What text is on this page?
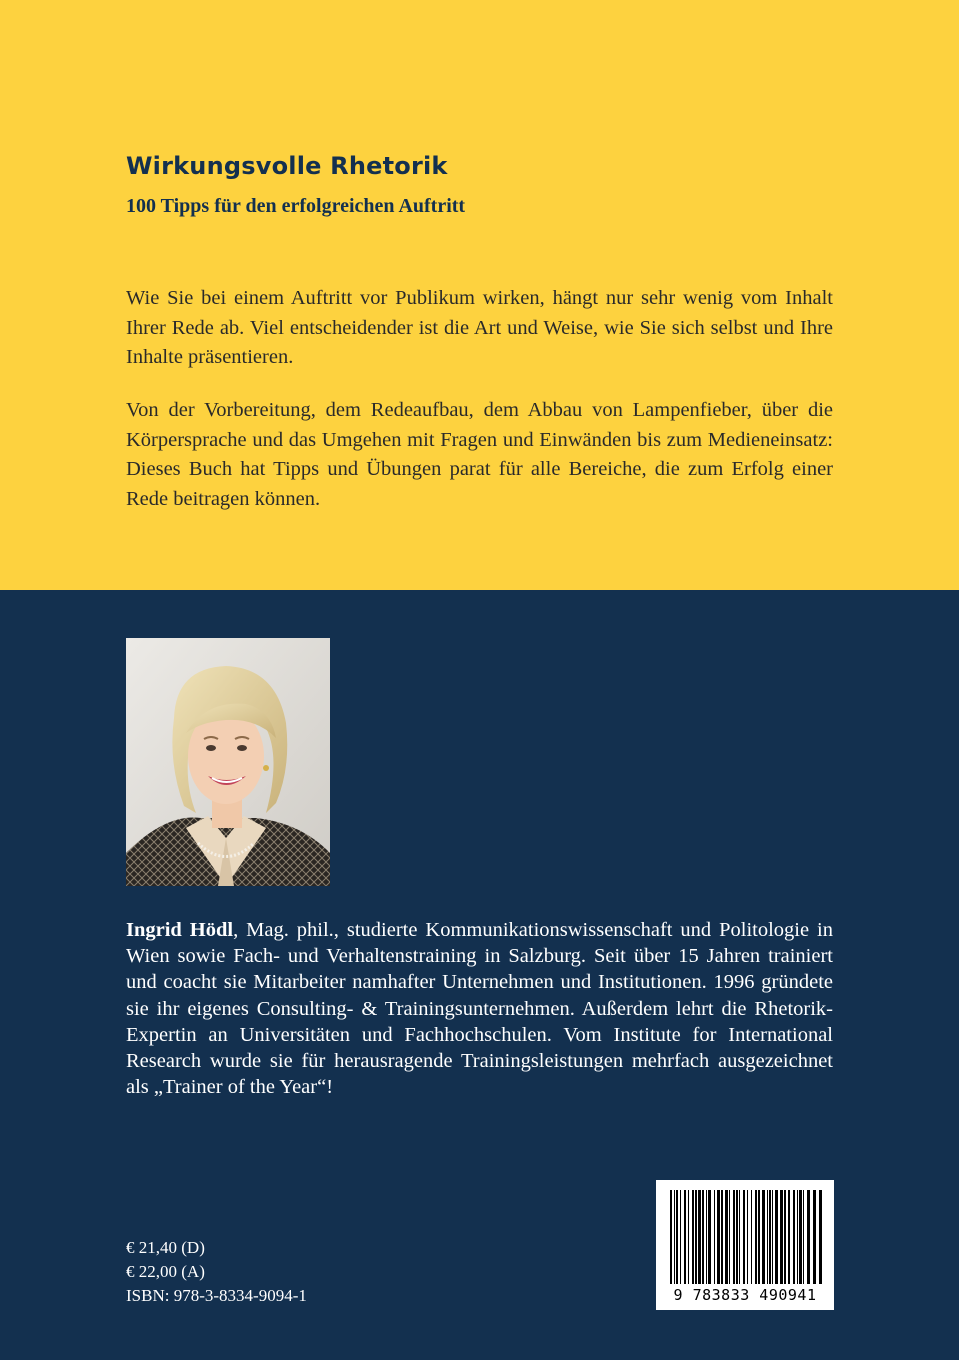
Wirkungsvolle Rhetorik
100 Tipps für den erfolgreichen Auftritt

Wie Sie bei einem Auftritt vor Publikum wirken, hängt nur sehr wenig vom Inhalt Ihrer Rede ab. Viel entscheidender ist die Art und Weise, wie Sie sich selbst und Ihre Inhalte präsentieren.

Von der Vorbereitung, dem Redeaufbau, dem Abbau von Lampenfieber, über die Körpersprache und das Umgehen mit Fragen und Einwänden bis zum Medieneinsatz: Dieses Buch hat Tipps und Übungen parat für alle Bereiche, die zum Erfolg einer Rede beitragen können.

Ingrid Hödl, Mag. phil., studierte Kommunikationswissenschaft und Politologie in Wien sowie Fach- und Verhaltenstraining in Salzburg. Seit über 15 Jahren trainiert und coacht sie Mitarbeiter namhafter Unternehmen und Institutionen. 1996 gründete sie ihr eigenes Consulting- & Trainingsunternehmen. Außerdem lehrt die Rhetorik-Expertin an Universitäten und Fachhochschulen. Vom Institute for International Research wurde sie für herausragende Trainingsleistungen mehrfach ausgezeichnet als „Trainer of the Year“!

€ 21,40 (D)
€ 22,00 (A)
ISBN: 978-3-8334-9094-1	9 783833 490941
